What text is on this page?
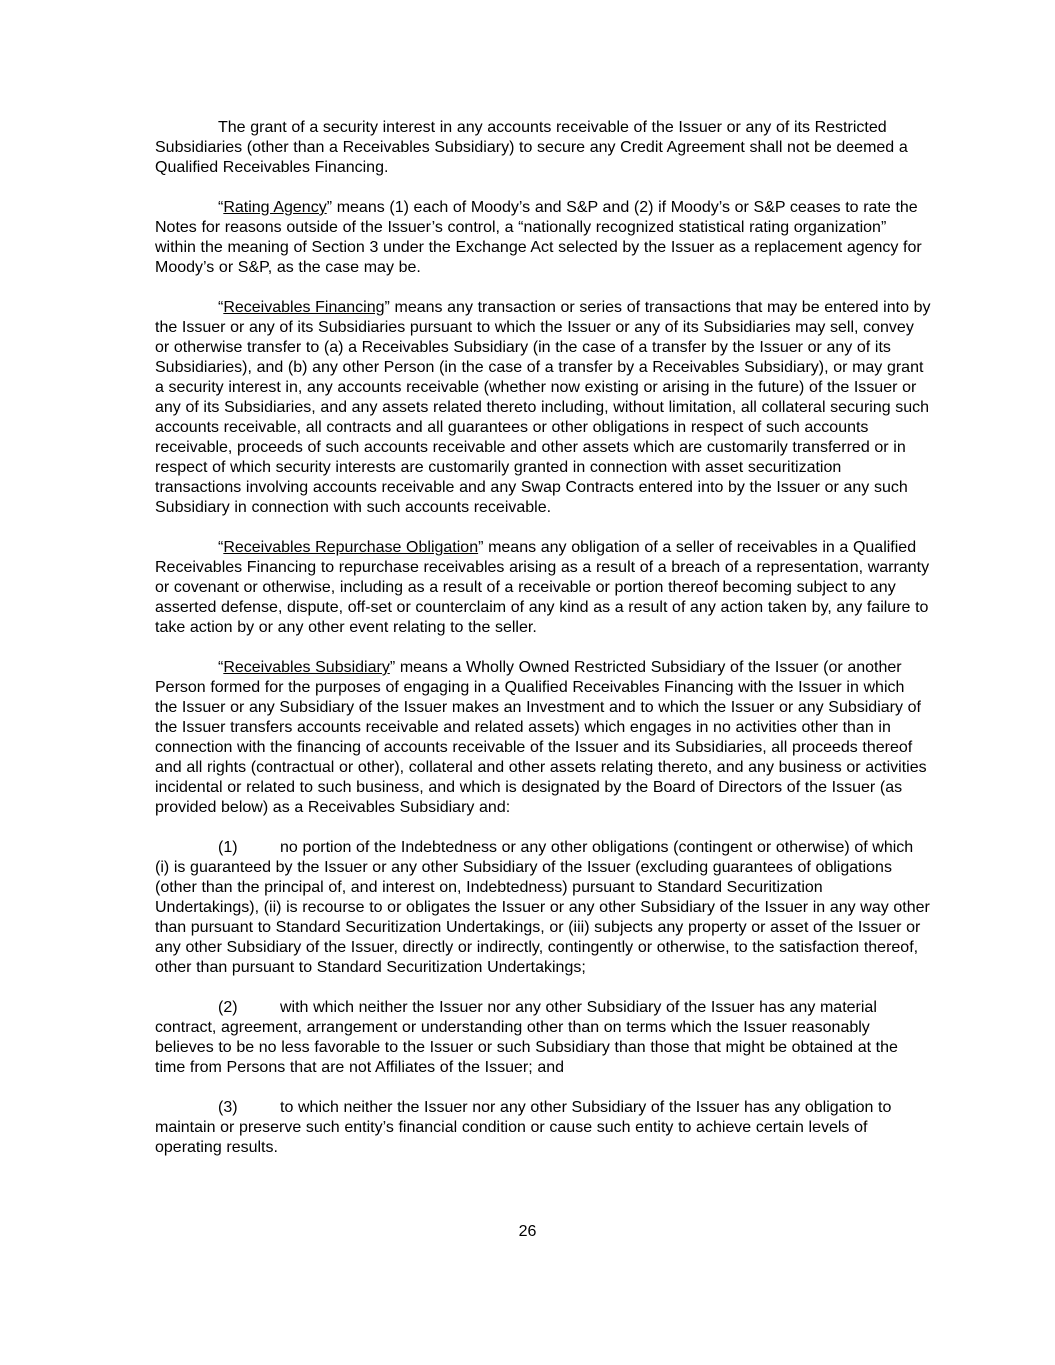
The grant of a security interest in any accounts receivable of the Issuer or any of its Restricted Subsidiaries (other than a Receivables Subsidiary) to secure any Credit Agreement shall not be deemed a Qualified Receivables Financing.

“Rating Agency” means (1) each of Moody’s and S&P and (2) if Moody’s or S&P ceases to rate the Notes for reasons outside of the Issuer’s control, a “nationally recognized statistical rating organization” within the meaning of Section 3 under the Exchange Act selected by the Issuer as a replacement agency for Moody’s or S&P, as the case may be.

“Receivables Financing” means any transaction or series of transactions that may be entered into by the Issuer or any of its Subsidiaries pursuant to which the Issuer or any of its Subsidiaries may sell, convey or otherwise transfer to (a) a Receivables Subsidiary (in the case of a transfer by the Issuer or any of its Subsidiaries), and (b) any other Person (in the case of a transfer by a Receivables Subsidiary), or may grant a security interest in, any accounts receivable (whether now existing or arising in the future) of the Issuer or any of its Subsidiaries, and any assets related thereto including, without limitation, all collateral securing such accounts receivable, all contracts and all guarantees or other obligations in respect of such accounts receivable, proceeds of such accounts receivable and other assets which are customarily transferred or in respect of which security interests are customarily granted in connection with asset securitization transactions involving accounts receivable and any Swap Contracts entered into by the Issuer or any such Subsidiary in connection with such accounts receivable.

“Receivables Repurchase Obligation” means any obligation of a seller of receivables in a Qualified Receivables Financing to repurchase receivables arising as a result of a breach of a representation, warranty or covenant or otherwise, including as a result of a receivable or portion thereof becoming subject to any asserted defense, dispute, off-set or counterclaim of any kind as a result of any action taken by, any failure to take action by or any other event relating to the seller.

“Receivables Subsidiary” means a Wholly Owned Restricted Subsidiary of the Issuer (or another Person formed for the purposes of engaging in a Qualified Receivables Financing with the Issuer in which the Issuer or any Subsidiary of the Issuer makes an Investment and to which the Issuer or any Subsidiary of the Issuer transfers accounts receivable and related assets) which engages in no activities other than in connection with the financing of accounts receivable of the Issuer and its Subsidiaries, all proceeds thereof and all rights (contractual or other), collateral and other assets relating thereto, and any business or activities incidental or related to such business, and which is designated by the Board of Directors of the Issuer (as provided below) as a Receivables Subsidiary and:

(1)	no portion of the Indebtedness or any other obligations (contingent or otherwise) of which (i) is guaranteed by the Issuer or any other Subsidiary of the Issuer (excluding guarantees of obligations (other than the principal of, and interest on, Indebtedness) pursuant to Standard Securitization Undertakings), (ii) is recourse to or obligates the Issuer or any other Subsidiary of the Issuer in any way other than pursuant to Standard Securitization Undertakings, or (iii) subjects any property or asset of the Issuer or any other Subsidiary of the Issuer, directly or indirectly, contingently or otherwise, to the satisfaction thereof, other than pursuant to Standard Securitization Undertakings;

(2)	with which neither the Issuer nor any other Subsidiary of the Issuer has any material contract, agreement, arrangement or understanding other than on terms which the Issuer reasonably believes to be no less favorable to the Issuer or such Subsidiary than those that might be obtained at the time from Persons that are not Affiliates of the Issuer; and

(3)	to which neither the Issuer nor any other Subsidiary of the Issuer has any obligation to maintain or preserve such entity’s financial condition or cause such entity to achieve certain levels of operating results.

26
